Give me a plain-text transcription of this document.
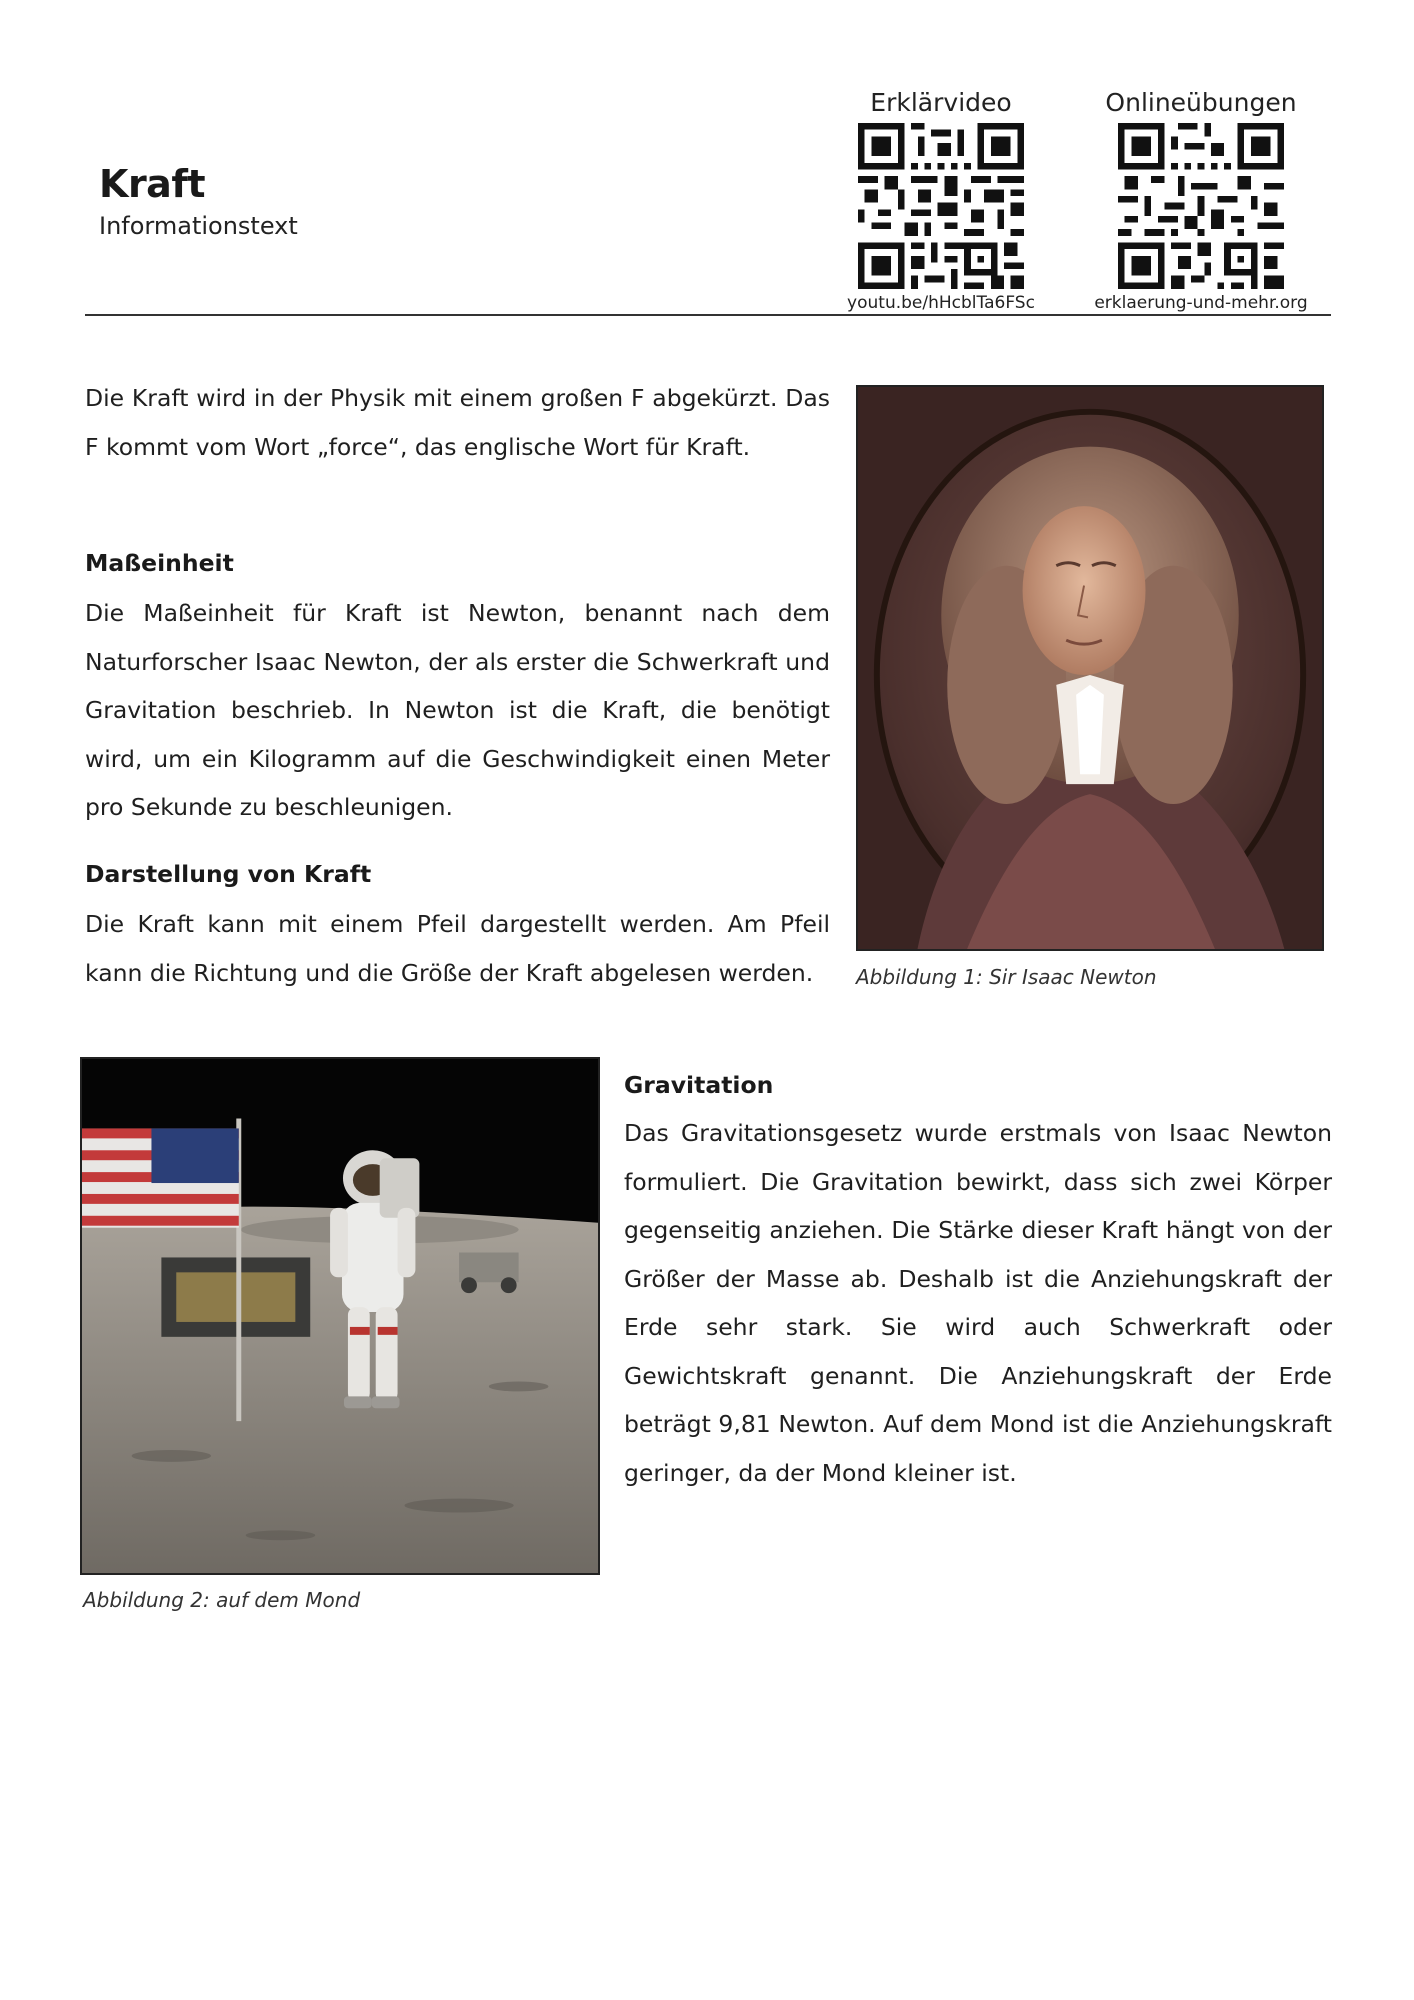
Kraft
Informationstext
Erklärvideo
youtu.be/hHcblTa6FSc
Onlineübungen
erklaerung-und-mehr.org

Die Kraft wird in der Physik mit einem großen F abgekürzt. Das F kommt vom Wort „force“, das englische Wort für Kraft.

Maßeinheit

Die Maßeinheit für Kraft ist Newton, benannt nach dem Naturforscher Isaac Newton, der als erster die Schwerkraft und Gravitation beschrieb. In Newton ist die Kraft, die benötigt wird, um ein Kilogramm auf die Geschwindigkeit einen Meter pro Sekunde zu beschleunigen.

Darstellung von Kraft

Die Kraft kann mit einem Pfeil dargestellt werden. Am Pfeil kann die Richtung und die Größe der Kraft abgelesen werden.	Abbildung 1: Sir Isaac Newton
Abbildung 2: auf dem Mond
Gravitation

Das Gravitationsgesetz wurde erstmals von Isaac Newton formuliert. Die Gravitation bewirkt, dass sich zwei Körper gegenseitig anziehen. Die Stärke dieser Kraft hängt von der Größer der Masse ab. Deshalb ist die Anziehungskraft der Erde sehr stark. Sie wird auch Schwerkraft oder Gewichtskraft genannt. Die Anziehungskraft der Erde beträgt 9,81 Newton. Auf dem Mond ist die Anziehungskraft geringer, da der Mond kleiner ist.
